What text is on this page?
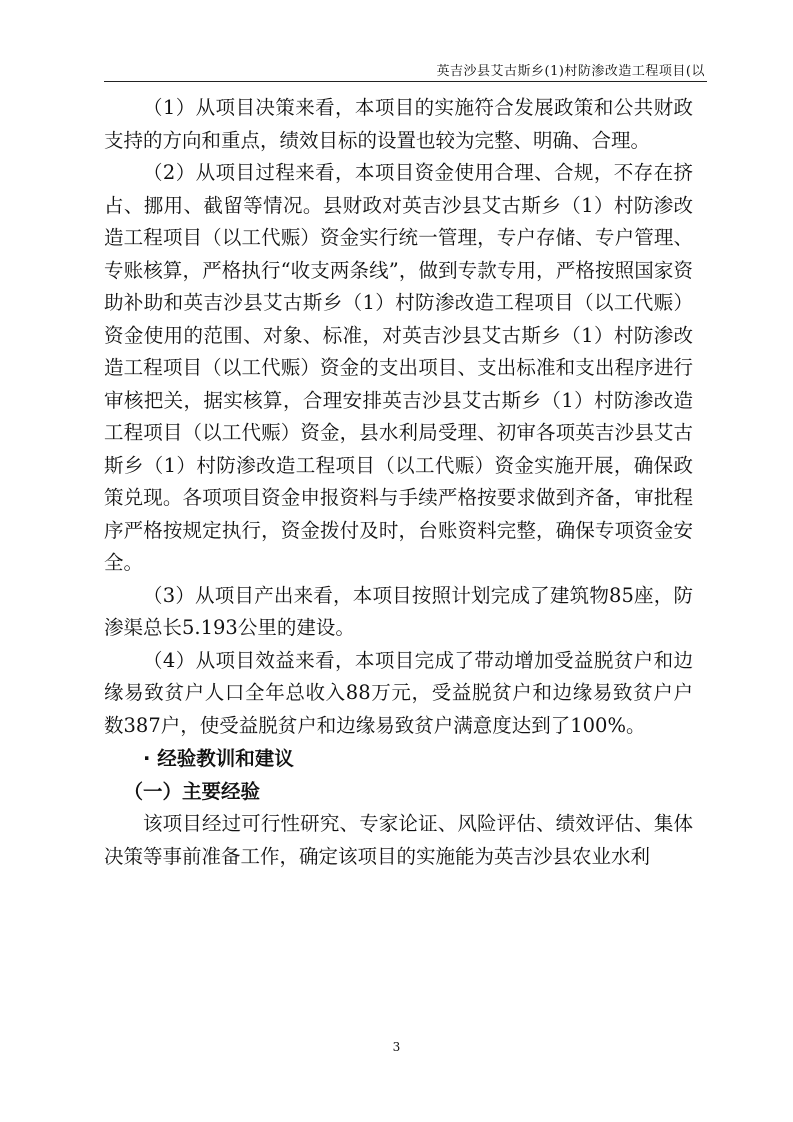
英吉沙县艾古斯乡(1)村防渗改造工程项目(以

（1）从项目决策来看，本项目的实施符合发展政策和公共财政支持的方向和重点，绩效目标的设置也较为完整、明确、合理。

（2）从项目过程来看，本项目资金使用合理、合规，不存在挤占、挪用、截留等情况。县财政对英吉沙县艾古斯乡（1）村防渗改造工程项目（以工代赈）资金实行统一管理，专户存储、专户管理、专账核算，严格执行“收支两条线”，做到专款专用，严格按照国家资助补助和英吉沙县艾古斯乡（1）村防渗改造工程项目（以工代赈）资金使用的范围、对象、标准，对英吉沙县艾古斯乡（1）村防渗改造工程项目（以工代赈）资金的支出项目、支出标准和支出程序进行审核把关，据实核算，合理安排英吉沙县艾古斯乡（1）村防渗改造工程项目（以工代赈）资金，县水利局受理、初审各项英吉沙县艾古斯乡（1）村防渗改造工程项目（以工代赈）资金实施开展，确保政策兑现。各项项目资金申报资料与手续严格按要求做到齐备，审批程序严格按规定执行，资金拨付及时，台账资料完整，确保专项资金安全。

（3）从项目产出来看，本项目按照计划完成了建筑物85座，防渗渠总长5.193公里的建设。

（4）从项目效益来看，本项目完成了带动增加受益脱贫户和边缘易致贫户人口全年总收入88万元，受益脱贫户和边缘易致贫户户数387户，使受益脱贫户和边缘易致贫户满意度达到了100%。

· 经验教训和建议
（一）主要经验

该项目经过可行性研究、专家论证、风险评估、绩效评估、集体决策等事前准备工作，确定该项目的实施能为英吉沙县农业水利

3
